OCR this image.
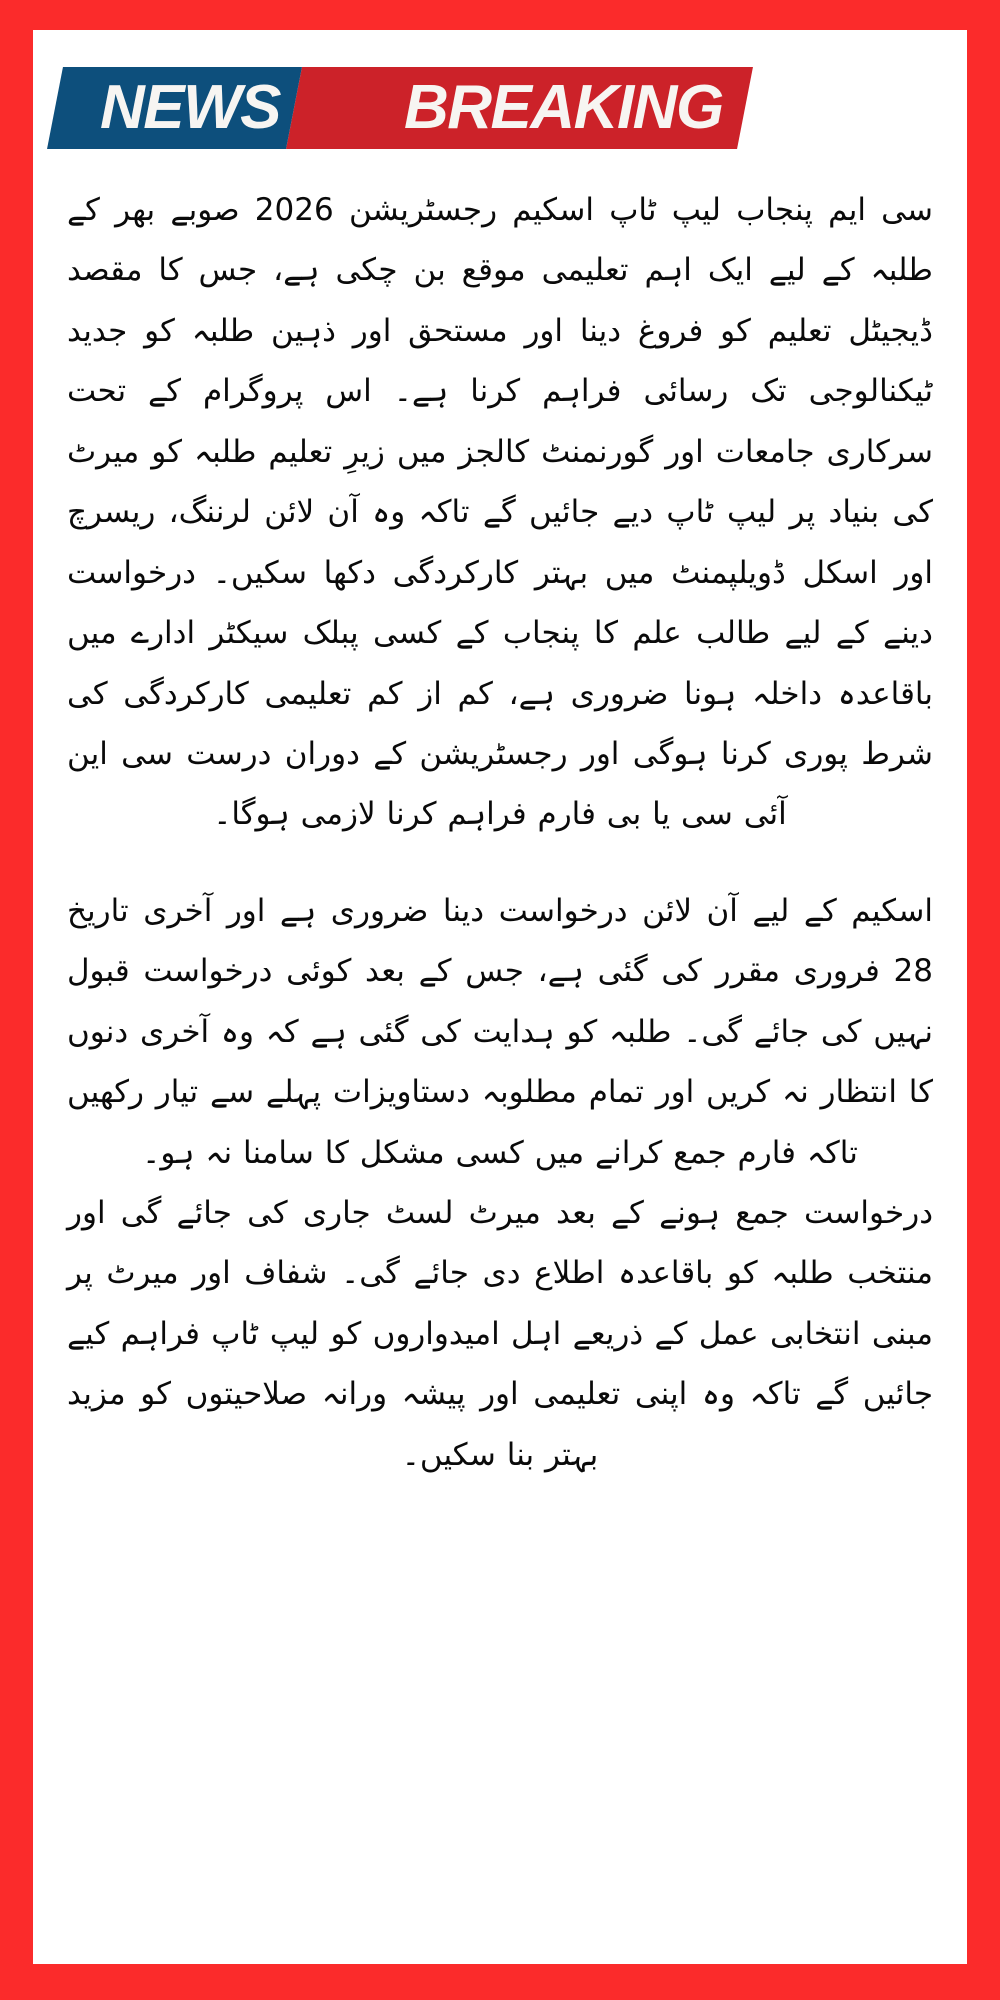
BREAKING
NEWS

سی ایم پنجاب لیپ ٹاپ اسکیم رجسٹریشن 2026 صوبے بھر کے طلبہ کے لیے ایک اہم تعلیمی موقع بن چکی ہے، جس کا مقصد ڈیجیٹل تعلیم کو فروغ دینا اور مستحق اور ذہین طلبہ کو جدید ٹیکنالوجی تک رسائی فراہم کرنا ہے۔ اس پروگرام کے تحت سرکاری جامعات اور گورنمنٹ کالجز میں زیرِ تعلیم طلبہ کو میرٹ کی بنیاد پر لیپ ٹاپ دیے جائیں گے تاکہ وہ آن لائن لرننگ، ریسرچ اور اسکل ڈویلپمنٹ میں بہتر کارکردگی دکھا سکیں۔ درخواست دینے کے لیے طالب علم کا پنجاب کے کسی پبلک سیکٹر ادارے میں باقاعدہ داخلہ ہونا ضروری ہے، کم از کم تعلیمی کارکردگی کی شرط پوری کرنا ہوگی اور رجسٹریشن کے دوران درست سی این آئی سی یا بی فارم فراہم کرنا لازمی ہوگا۔

اسکیم کے لیے آن لائن درخواست دینا ضروری ہے اور آخری تاریخ 28 فروری مقرر کی گئی ہے، جس کے بعد کوئی درخواست قبول نہیں کی جائے گی۔ طلبہ کو ہدایت کی گئی ہے کہ وہ آخری دنوں کا انتظار نہ کریں اور تمام مطلوبہ دستاویزات پہلے سے تیار رکھیں تاکہ فارم جمع کرانے میں کسی مشکل کا سامنا نہ ہو۔

درخواست جمع ہونے کے بعد میرٹ لسٹ جاری کی جائے گی اور منتخب طلبہ کو باقاعدہ اطلاع دی جائے گی۔ شفاف اور میرٹ پر مبنی انتخابی عمل کے ذریعے اہل امیدواروں کو لیپ ٹاپ فراہم کیے جائیں گے تاکہ وہ اپنی تعلیمی اور پیشہ ورانہ صلاحیتوں کو مزید بہتر بنا سکیں۔
